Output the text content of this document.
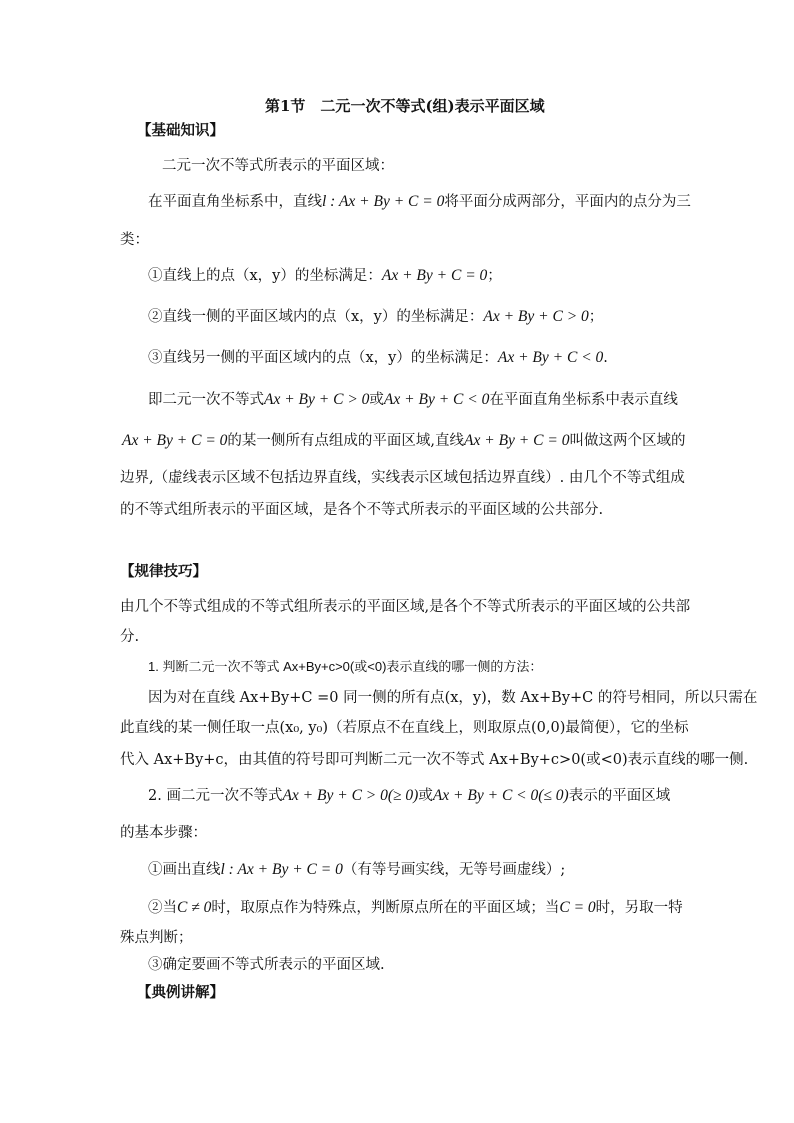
第1节　二元一次不等式(组)表示平面区域
【基础知识】
二元一次不等式所表示的平面区域：
在平面直角坐标系中，直线l : Ax + By + C = 0将平面分成两部分，平面内的点分为三
类：
①直线上的点（x，y）的坐标满足：Ax + By + C = 0；
②直线一侧的平面区域内的点（x，y）的坐标满足：Ax + By + C > 0；
③直线另一侧的平面区域内的点（x，y）的坐标满足：Ax + By + C < 0.
即二元一次不等式Ax + By + C > 0或Ax + By + C < 0在平面直角坐标系中表示直线
Ax + By + C = 0的某一侧所有点组成的平面区域,直线Ax + By + C = 0叫做这两个区域的
边界,（虚线表示区域不包括边界直线，实线表示区域包括边界直线）. 由几个不等式组成
的不等式组所表示的平面区域，是各个不等式所表示的平面区域的公共部分.
【规律技巧】
由几个不等式组成的不等式组所表示的平面区域,是各个不等式所表示的平面区域的公共部
分.
1. 判断二元一次不等式 Ax+By+c>0(或<0)表示直线的哪一侧的方法：
因为对在直线 Ax+By+C =0 同一侧的所有点(x，y)，数 Ax+By+C 的符号相同，所以只需在
此直线的某一侧任取一点(x₀, y₀)（若原点不在直线上，则取原点(0,0)最简便），它的坐标
代入 Ax+By+c，由其值的符号即可判断二元一次不等式 Ax+By+c>0(或<0)表示直线的哪一侧.
2. 画二元一次不等式Ax + By + C > 0(≥ 0)或Ax + By + C < 0(≤ 0)表示的平面区域
的基本步骤：
①画出直线l : Ax + By + C = 0（有等号画实线，无等号画虚线）;
②当C ≠ 0时，取原点作为特殊点，判断原点所在的平面区域；当C = 0时，另取一特
殊点判断；
③确定要画不等式所表示的平面区域.
【典例讲解】
